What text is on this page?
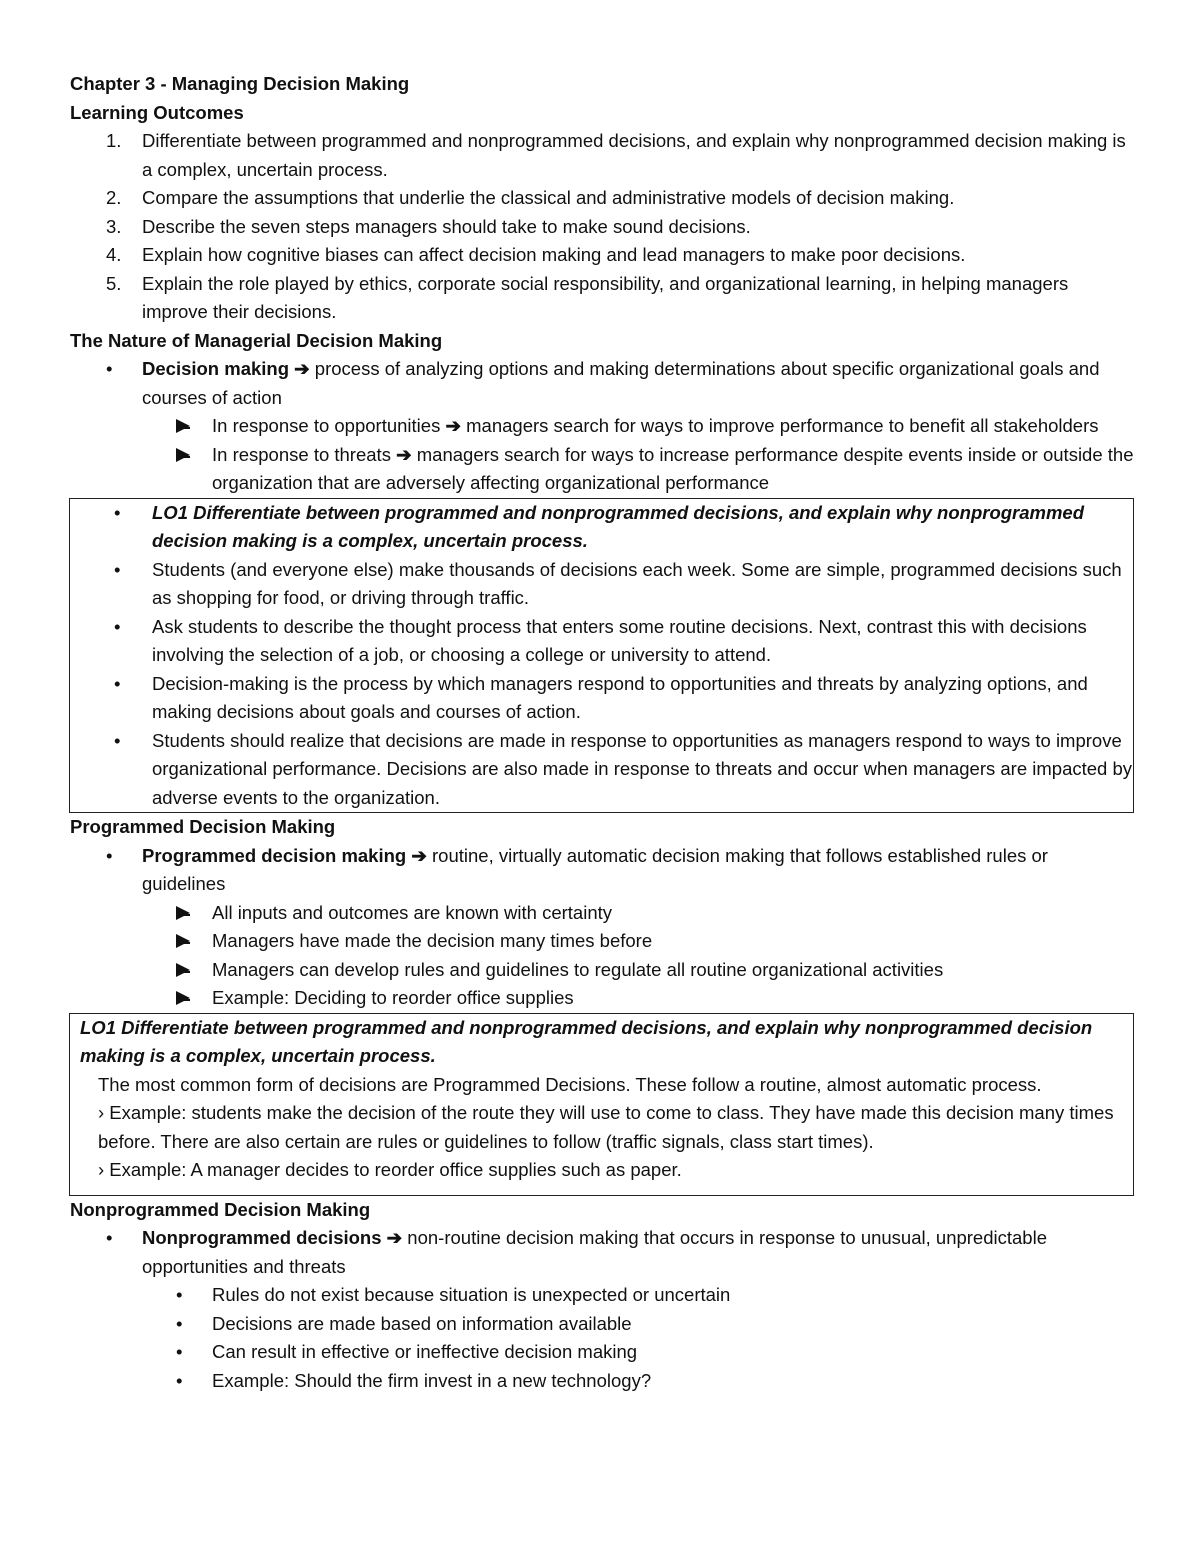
Chapter 3 - Managing Decision Making
Learning Outcomes
1. Differentiate between programmed and nonprogrammed decisions, and explain why nonprogrammed decision making is a complex, uncertain process.
2. Compare the assumptions that underlie the classical and administrative models of decision making.
3. Describe the seven steps managers should take to make sound decisions.
4. Explain how cognitive biases can affect decision making and lead managers to make poor decisions.
5. Explain the role played by ethics, corporate social responsibility, and organizational learning, in helping managers improve their decisions.
The Nature of Managerial Decision Making
• Decision making ➔ process of analyzing options and making determinations about specific organizational goals and courses of action
In response to opportunities ➔ managers search for ways to improve performance to benefit all stakeholders
In response to threats ➔ managers search for ways to increase performance despite events inside or outside the organization that are adversely affecting organizational performance
• LO1 Differentiate between programmed and nonprogrammed decisions, and explain why nonprogrammed decision making is a complex, uncertain process.
• Students (and everyone else) make thousands of decisions each week. Some are simple, programmed decisions such as shopping for food, or driving through traffic.
• Ask students to describe the thought process that enters some routine decisions. Next, contrast this with decisions involving the selection of a job, or choosing a college or university to attend.
• Decision-making is the process by which managers respond to opportunities and threats by analyzing options, and making decisions about goals and courses of action.
• Students should realize that decisions are made in response to opportunities as managers respond to ways to improve organizational performance. Decisions are also made in response to threats and occur when managers are impacted by adverse events to the organization.
Programmed Decision Making
• Programmed decision making ➔ routine, virtually automatic decision making that follows established rules or guidelines
All inputs and outcomes are known with certainty
Managers have made the decision many times before
Managers can develop rules and guidelines to regulate all routine organizational activities
Example: Deciding to reorder office supplies
LO1 Differentiate between programmed and nonprogrammed decisions, and explain why nonprogrammed decision making is a complex, uncertain process.
The most common form of decisions are Programmed Decisions. These follow a routine, almost automatic process.
› Example: students make the decision of the route they will use to come to class. They have made this decision many times before. There are also certain are rules or guidelines to follow (traffic signals, class start times).
› Example: A manager decides to reorder office supplies such as paper.
Nonprogrammed Decision Making
• Nonprogrammed decisions ➔ non-routine decision making that occurs in response to unusual, unpredictable opportunities and threats
• Rules do not exist because situation is unexpected or uncertain
• Decisions are made based on information available
• Can result in effective or ineffective decision making
• Example: Should the firm invest in a new technology?
